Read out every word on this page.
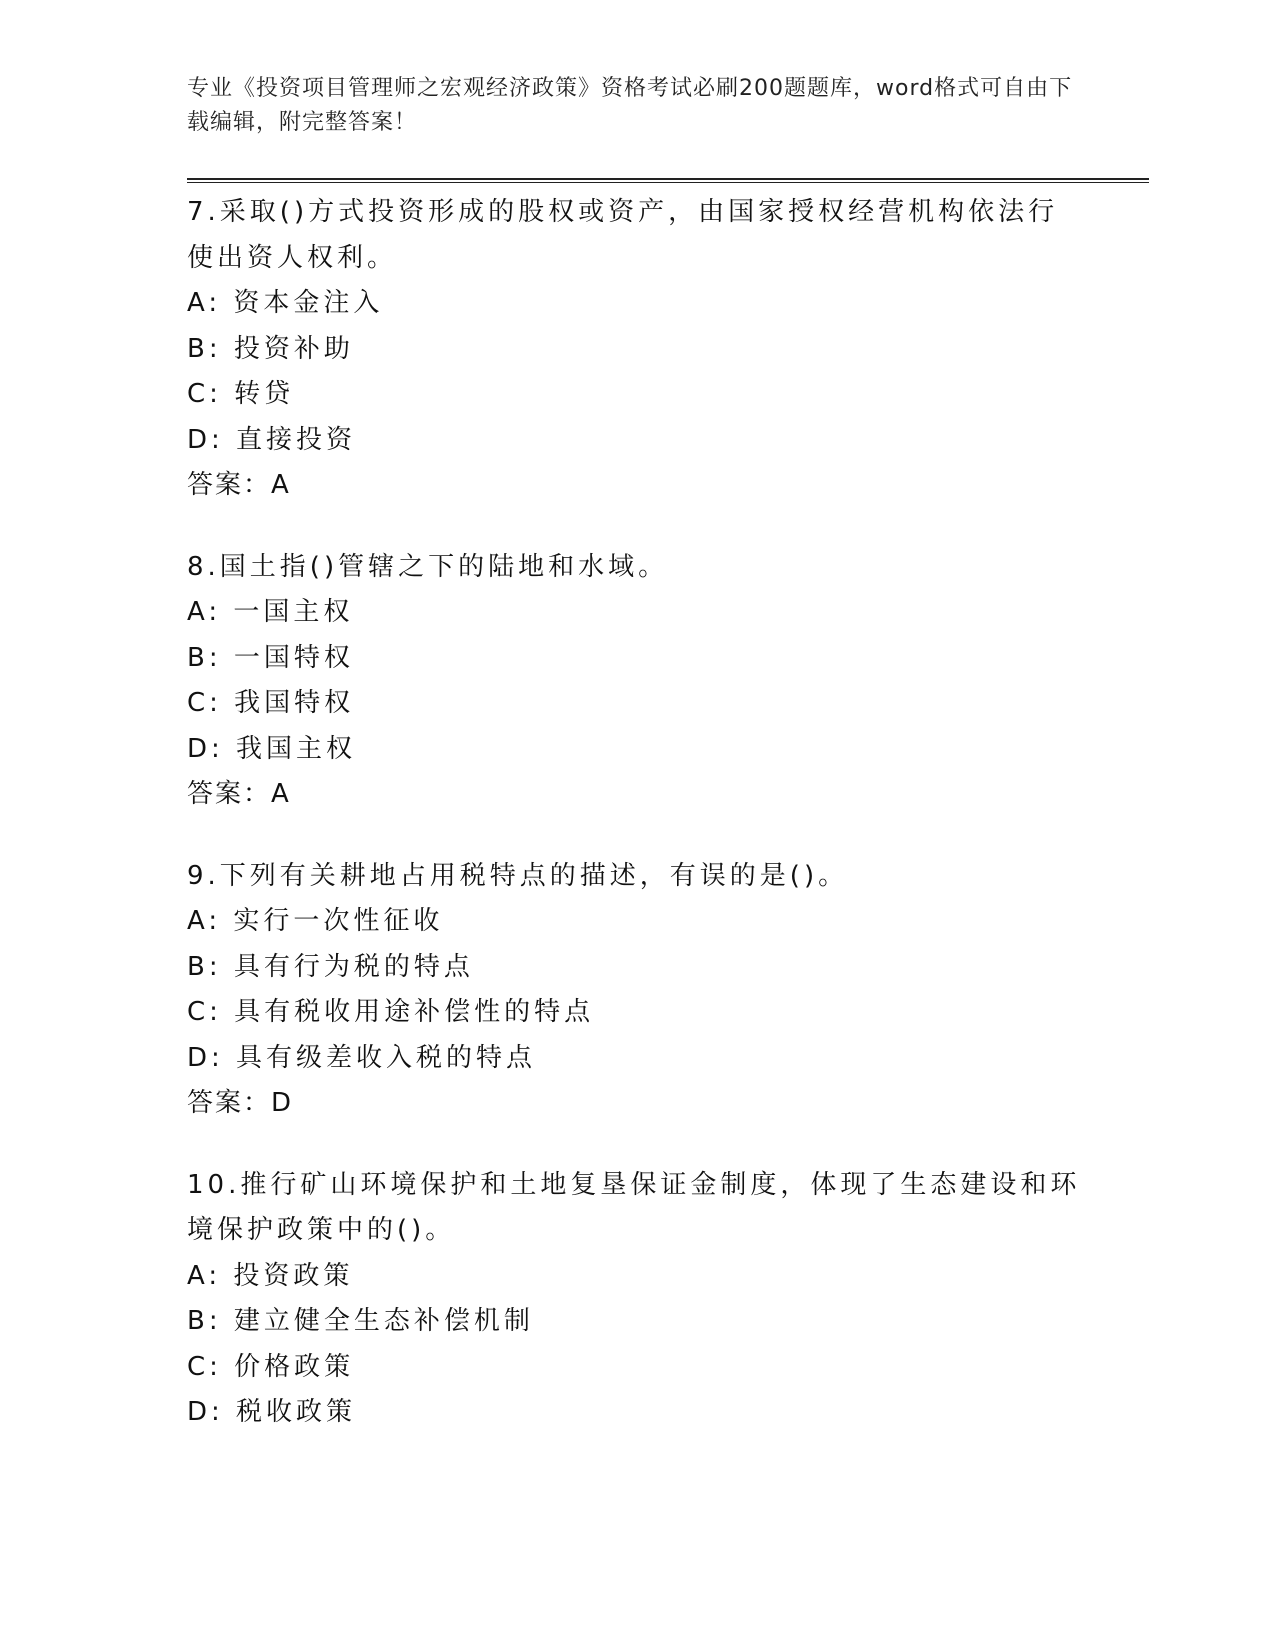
专业《投资项目管理师之宏观经济政策》资格考试必刷200题题库，word格式可自由下载编辑，附完整答案！
7.采取()方式投资形成的股权或资产，由国家授权经营机构依法行使出资人权利。
A: 资本金注入
B: 投资补助
C: 转贷
D: 直接投资
答案：A
8.国土指()管辖之下的陆地和水域。
A: 一国主权
B: 一国特权
C: 我国特权
D: 我国主权
答案：A
9.下列有关耕地占用税特点的描述，有误的是()。
A: 实行一次性征收
B: 具有行为税的特点
C: 具有税收用途补偿性的特点
D: 具有级差收入税的特点
答案：D
10.推行矿山环境保护和土地复垦保证金制度，体现了生态建设和环境保护政策中的()。
A: 投资政策
B: 建立健全生态补偿机制
C: 价格政策
D: 税收政策
